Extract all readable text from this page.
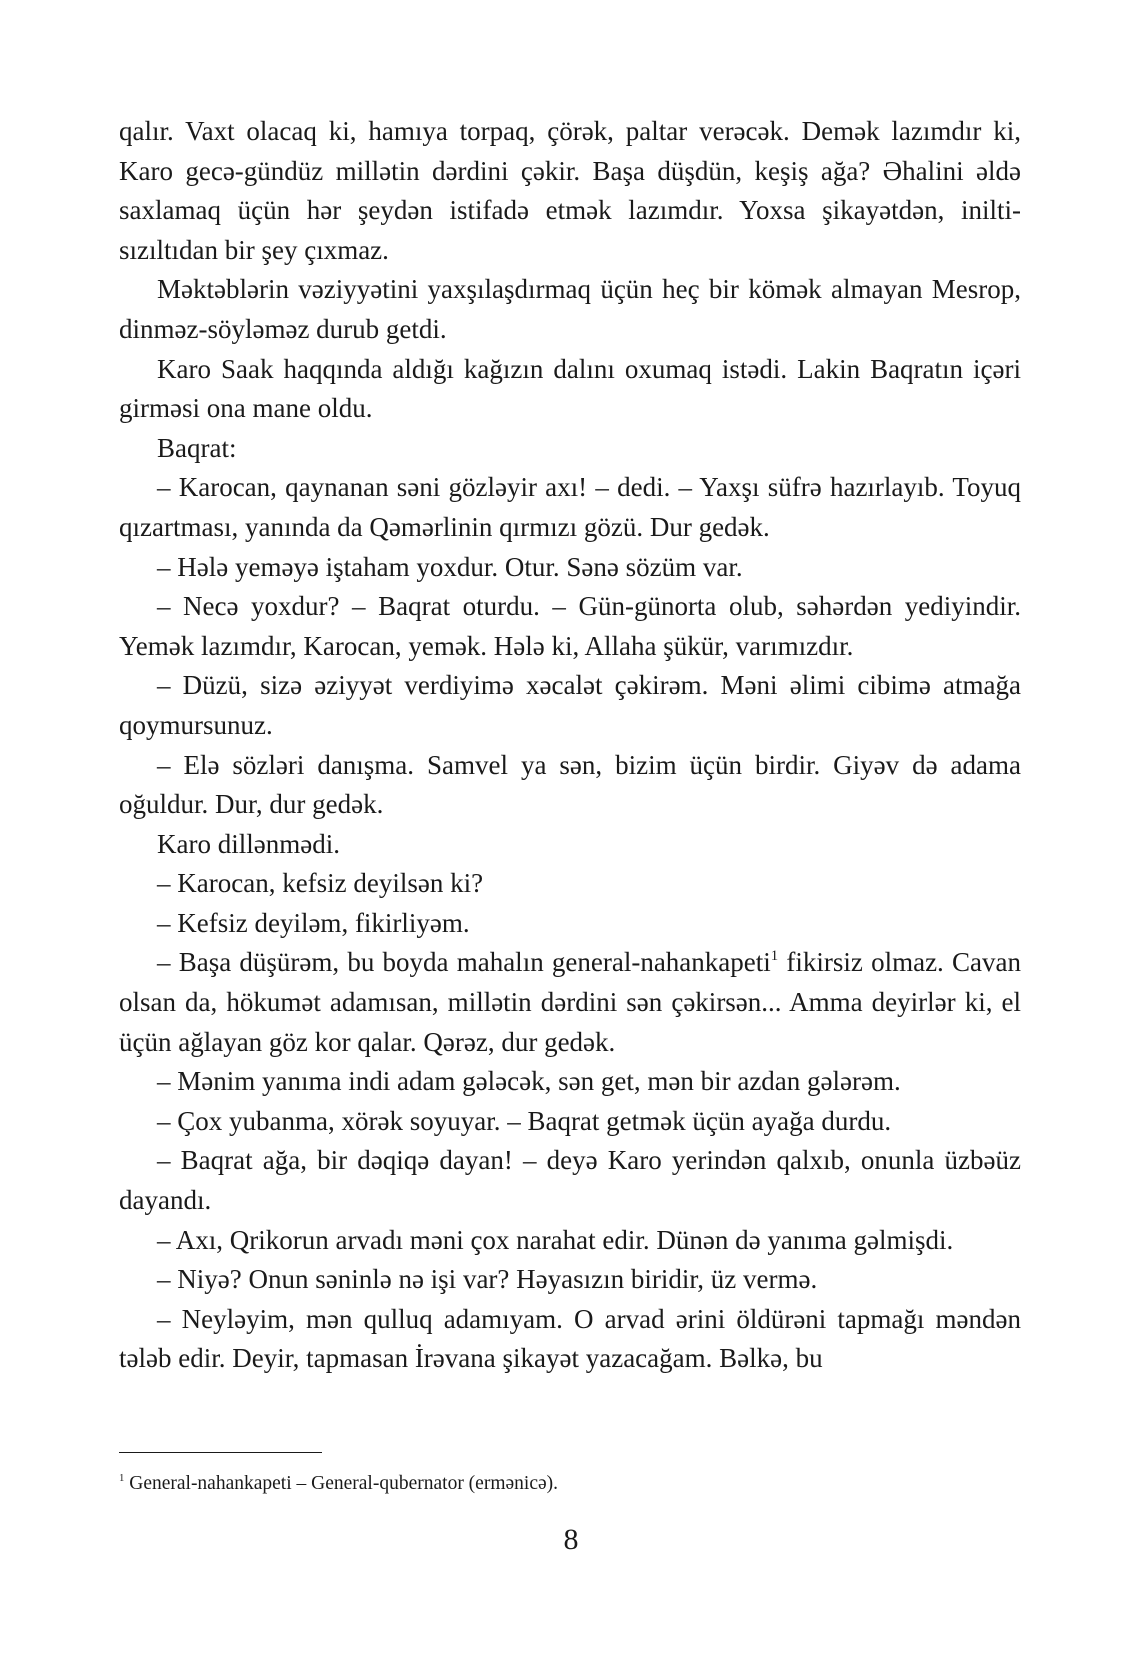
qalır. Vaxt olacaq ki, hamıya torpaq, çörək, paltar verəcək. Demək lazımdır ki, Karo gecə-gündüz millətin dərdini çəkir. Başa düşdün, keşiş ağa? Əhalini əldə saxlamaq üçün hər şeydən istifadə etmək lazımdır. Yoxsa şikayətdən, inilti-sızıltıdan bir şey çıxmaz.

Məktəblərin vəziyyətini yaxşılaşdırmaq üçün heç bir kömək almayan Mesrop, dinməz-söyləməz durub getdi.

Karo Saak haqqında aldığı kağızın dalını oxumaq istədi. Lakin Baqratın içəri girməsi ona mane oldu.

Baqrat:

– Karocan, qaynanan səni gözləyir axı! – dedi. – Yaxşı süfrə hazırlayıb. Toyuq qızartması, yanında da Qəmərlinin qırmızı gözü. Dur gedək.

– Hələ yeməyə iştaham yoxdur. Otur. Sənə sözüm var.

– Necə yoxdur? – Baqrat oturdu. – Gün-günorta olub, səhərdən yediyindir. Yemək lazımdır, Karocan, yemək. Hələ ki, Allaha şükür, varımızdır.

– Düzü, sizə əziyyət verdiyimə xəcalət çəkirəm. Məni əlimi cibimə atmağa qoymursunuz.

– Elə sözləri danışma. Samvel ya sən, bizim üçün birdir. Giyəv də adama oğuldur. Dur, dur gedək.

Karo dillənmədi.

– Karocan, kefsiz deyilsən ki?

– Kefsiz deyiləm, fikirliyəm.

– Başa düşürəm, bu boyda mahalın general-nahankapeti$^1$ fikirsiz olmaz. Cavan olsan da, hökumət adamısan, millətin dərdini sən çəkirsən... Amma deyirlər ki, el üçün ağlayan göz kor qalar. Qərəz, dur gedək.

– Mənim yanıma indi adam gələcək, sən get, mən bir azdan gələrəm.

– Çox yubanma, xörək soyuyar. – Baqrat getmək üçün ayağa durdu.

– Baqrat ağa, bir dəqiqə dayan! – deyə Karo yerindən qalxıb, onunla üzbəüz dayandı.

– Axı, Qrikorun arvadı məni çox narahat edir. Dünən də yanıma gəlmişdi.

– Niyə? Onun səninlə nə işi var? Həyasızın biridir, üz vermə.

– Neyləyim, mən qulluq adamıyam. O arvad ərini öldürəni tapmağı məndən tələb edir. Deyir, tapmasan İrəvana şikayət yazacağam. Bəlkə, bu

$^1$ General-nahankapeti – General-qubernator (ermənicə).
8
